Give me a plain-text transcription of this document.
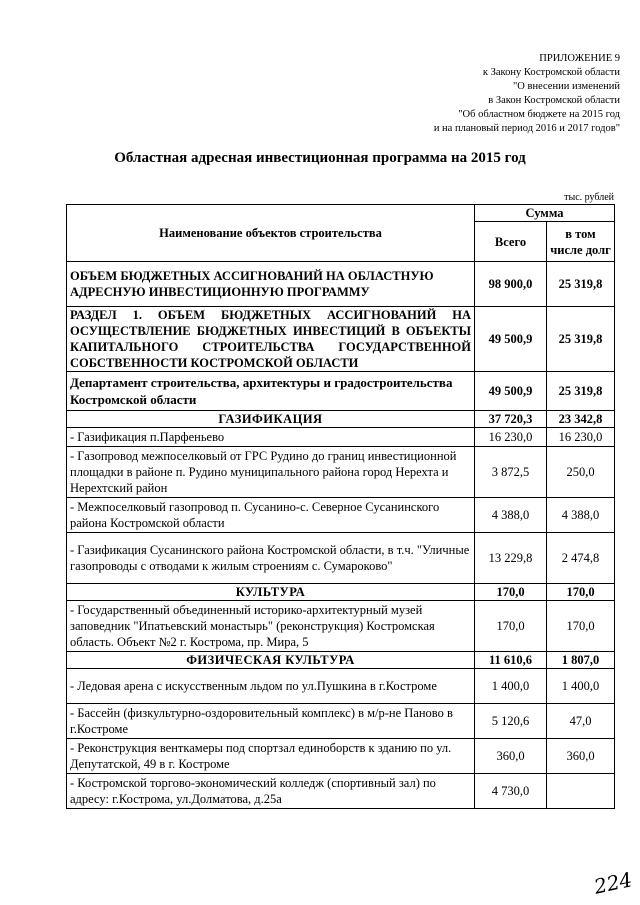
ПРИЛОЖЕНИЕ 9
к Закону Костромской области
"О внесении изменений
в Закон Костромской области
"Об областном бюджете на 2015 год
и на плановый период 2016 и 2017 годов"
Областная адресная инвестиционная программа на 2015 год
тыс. рублей
Наименование объектов строительства	Сумма	
	Всего	в том числе долг
ОБЪЕМ БЮДЖЕТНЫХ АССИГНОВАНИЙ НА ОБЛАСТНУЮ АДРЕСНУЮ ИНВЕСТИЦИОННУЮ ПРОГРАММУ	98 900,0	25 319,8
РАЗДЕЛ 1. ОБЪЕМ БЮДЖЕТНЫХ АССИГНОВАНИЙ НА ОСУЩЕСТВЛЕНИЕ БЮДЖЕТНЫХ ИНВЕСТИЦИЙ В ОБЪЕКТЫ КАПИТАЛЬНОГО СТРОИТЕЛЬСТВА ГОСУДАРСТВЕННОЙ СОБСТВЕННОСТИ КОСТРОМСКОЙ ОБЛАСТИ	49 500,9	25 319,8
Департамент строительства, архитектуры и градостроительства Костромской области	49 500,9	25 319,8
ГАЗИФИКАЦИЯ	37 720,3	23 342,8
- Газификация п.Парфеньево	16 230,0	16 230,0
- Газопровод межпоселковый от ГРС Рудино до границ инвестиционной площадки в районе п. Рудино муниципального района город Нерехта и Нерехтский район	3 872,5	250,0
- Межпоселковый газопровод п. Сусанино-с. Северное Сусанинского района Костромской области	4 388,0	4 388,0
- Газификация Сусанинского района Костромской области, в т.ч. "Уличные газопроводы с отводами к жилым строениям с. Сумароково"	13 229,8	2 474,8
КУЛЬТУРА	170,0	170,0
- Государственный объединенный историко-архитектурный музей заповедник "Ипатьевский монастырь" (реконструкция) Костромская область. Объект №2 г. Кострома, пр. Мира, 5	170,0	170,0
ФИЗИЧЕСКАЯ КУЛЬТУРА	11 610,6	1 807,0
- Ледовая арена с искусственным льдом по ул.Пушкина в г.Костроме	1 400,0	1 400,0
- Бассейн (физкультурно-оздоровительный комплекс) в м/р-не Паново в г.Костроме	5 120,6	47,0
- Реконструкция венткамеры под спортзал единоборств к зданию по ул. Депутатской, 49 в г. Костроме	360,0	360,0
- Костромской торгово-экономический колледж (спортивный зал) по адресу: г.Кострома, ул.Долматова, д.25а	4 730,0	
224
